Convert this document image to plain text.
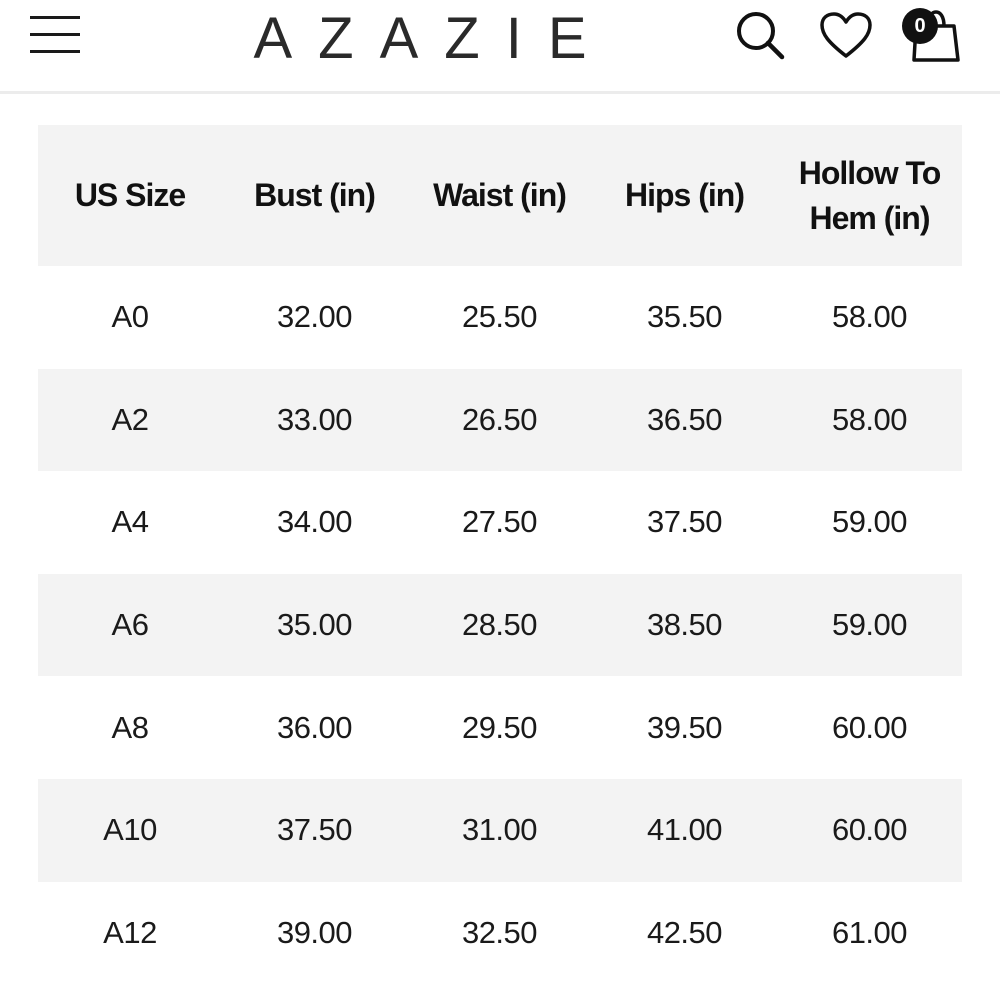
AZAZIE	0
US Size	Bust (in)	Waist (in)	Hips (in)	Hollow To Hem (in)
A0	32.00	25.50	35.50	58.00
A2	33.00	26.50	36.50	58.00
A4	34.00	27.50	37.50	59.00
A6	35.00	28.50	38.50	59.00
A8	36.00	29.50	39.50	60.00
A10	37.50	31.00	41.00	60.00
A12	39.00	32.50	42.50	61.00
